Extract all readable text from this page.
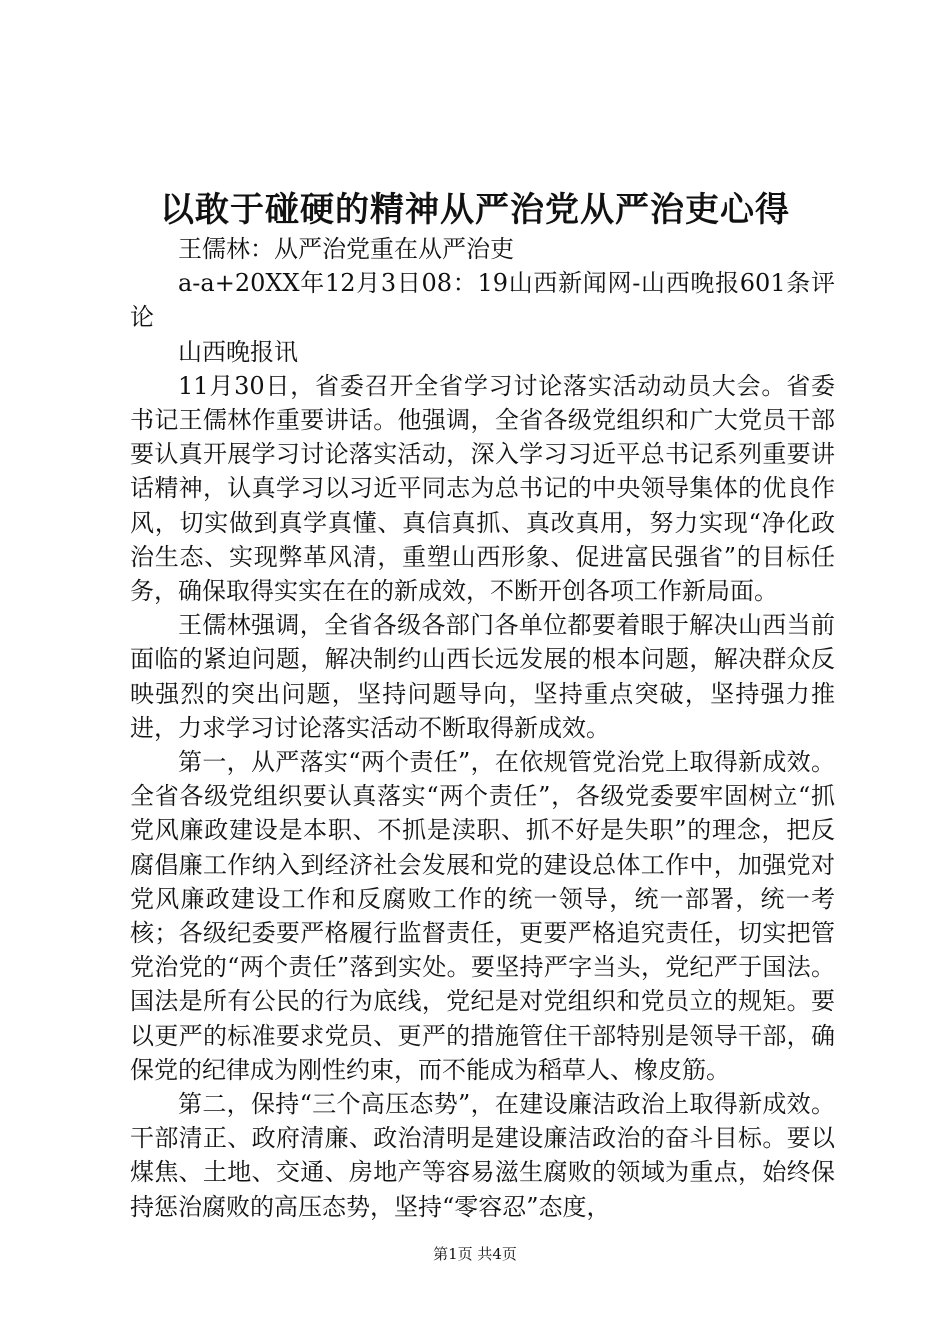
以敢于碰硬的精神从严治党从严治吏心得

王儒林：从严治党重在从严治吏

a-a+20XX年12月3日08：19山西新闻网-山西晚报601条评论

山西晚报讯

11月30日，省委召开全省学习讨论落实活动动员大会。省委书记王儒林作重要讲话。他强调，全省各级党组织和广大党员干部要认真开展学习讨论落实活动，深入学习习近平总书记系列重要讲话精神，认真学习以习近平同志为总书记的中央领导集体的优良作风，切实做到真学真懂、真信真抓、真改真用，努力实现“净化政治生态、实现弊革风清，重塑山西形象、促进富民强省”的目标任务，确保取得实实在在的新成效，不断开创各项工作新局面。

王儒林强调，全省各级各部门各单位都要着眼于解决山西当前面临的紧迫问题，解决制约山西长远发展的根本问题，解决群众反映强烈的突出问题，坚持问题导向，坚持重点突破，坚持强力推进，力求学习讨论落实活动不断取得新成效。

第一，从严落实“两个责任”，在依规管党治党上取得新成效。全省各级党组织要认真落实“两个责任”，各级党委要牢固树立“抓党风廉政建设是本职、不抓是渎职、抓不好是失职”的理念，把反腐倡廉工作纳入到经济社会发展和党的建设总体工作中，加强党对党风廉政建设工作和反腐败工作的统一领导，统一部署，统一考核；各级纪委要严格履行监督责任，更要严格追究责任，切实把管党治党的“两个责任”落到实处。要坚持严字当头，党纪严于国法。国法是所有公民的行为底线，党纪是对党组织和党员立的规矩。要以更严的标准要求党员、更严的措施管住干部特别是领导干部，确保党的纪律成为刚性约束，而不能成为稻草人、橡皮筋。

第二，保持“三个高压态势”，在建设廉洁政治上取得新成效。干部清正、政府清廉、政治清明是建设廉洁政治的奋斗目标。要以煤焦、土地、交通、房地产等容易滋生腐败的领域为重点，始终保持惩治腐败的高压态势，坚持“零容忍”态度，

第1页 共4页
